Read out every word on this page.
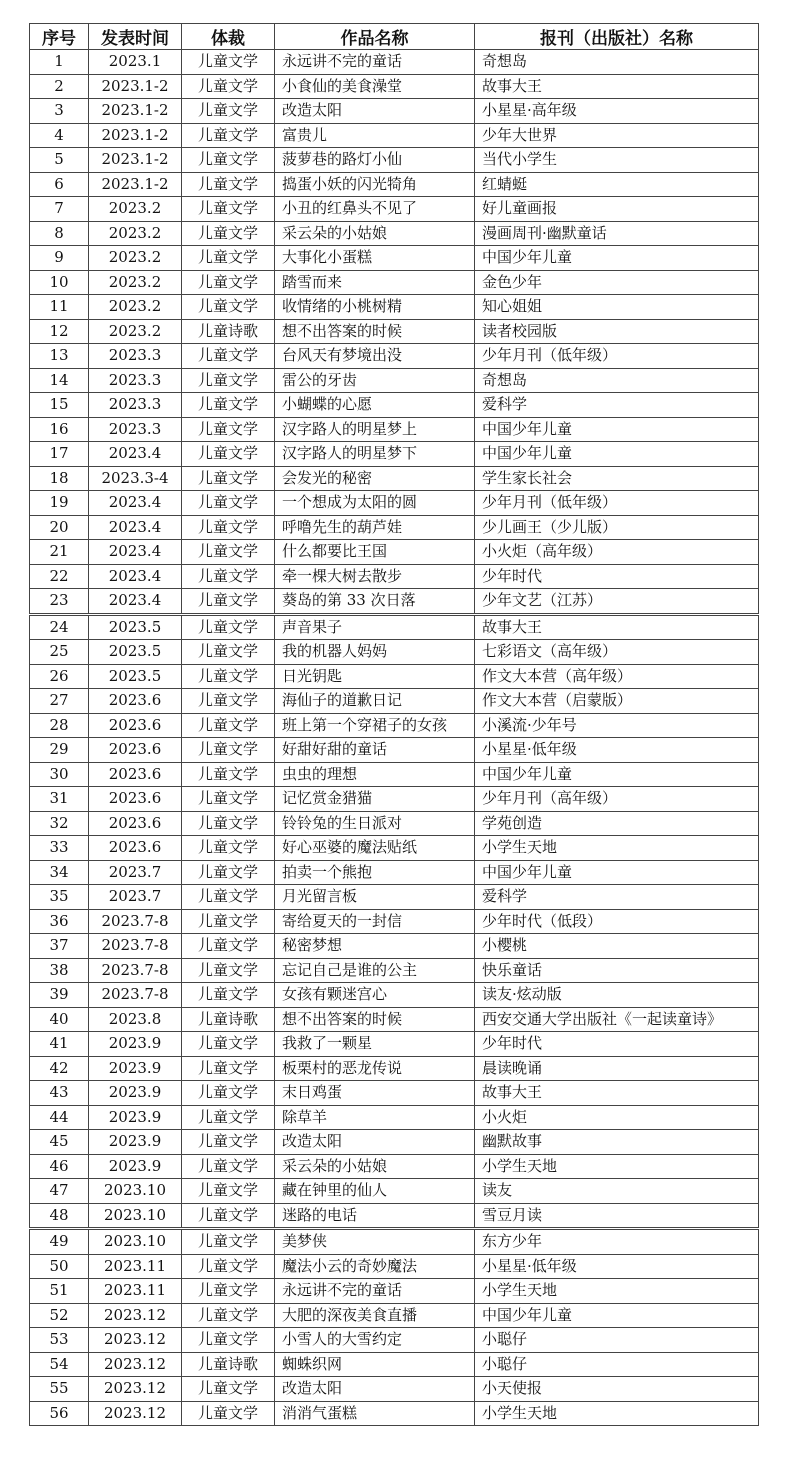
序号	发表时间	体裁	作品名称	报刊（出版社）名称
1	2023.1	儿童文学	永远讲不完的童话	奇想岛
2	2023.1-2	儿童文学	小食仙的美食澡堂	故事大王
3	2023.1-2	儿童文学	改造太阳	小星星·高年级
4	2023.1-2	儿童文学	富贵儿	少年大世界
5	2023.1-2	儿童文学	菠萝巷的路灯小仙	当代小学生
6	2023.1-2	儿童文学	捣蛋小妖的闪光犄角	红蜻蜓
7	2023.2	儿童文学	小丑的红鼻头不见了	好儿童画报
8	2023.2	儿童文学	采云朵的小姑娘	漫画周刊·幽默童话
9	2023.2	儿童文学	大事化小蛋糕	中国少年儿童
10	2023.2	儿童文学	踏雪而来	金色少年
11	2023.2	儿童文学	收情绪的小桃树精	知心姐姐
12	2023.2	儿童诗歌	想不出答案的时候	读者校园版
13	2023.3	儿童文学	台风天有梦境出没	少年月刊（低年级）
14	2023.3	儿童文学	雷公的牙齿	奇想岛
15	2023.3	儿童文学	小蝴蝶的心愿	爱科学
16	2023.3	儿童文学	汉字路人的明星梦上	中国少年儿童
17	2023.4	儿童文学	汉字路人的明星梦下	中国少年儿童
18	2023.3-4	儿童文学	会发光的秘密	学生家长社会
19	2023.4	儿童文学	一个想成为太阳的圆	少年月刊（低年级）
20	2023.4	儿童文学	呼噜先生的葫芦娃	少儿画王（少儿版）
21	2023.4	儿童文学	什么都要比王国	小火炬（高年级）
22	2023.4	儿童文学	牵一棵大树去散步	少年时代
23	2023.4	儿童文学	葵岛的第 33 次日落	少年文艺（江苏）
24	2023.5	儿童文学	声音果子	故事大王
25	2023.5	儿童文学	我的机器人妈妈	七彩语文（高年级）
26	2023.5	儿童文学	日光钥匙	作文大本营（高年级）
27	2023.6	儿童文学	海仙子的道歉日记	作文大本营（启蒙版）
28	2023.6	儿童文学	班上第一个穿裙子的女孩	小溪流·少年号
29	2023.6	儿童文学	好甜好甜的童话	小星星·低年级
30	2023.6	儿童文学	虫虫的理想	中国少年儿童
31	2023.6	儿童文学	记忆赏金猎猫	少年月刊（高年级）
32	2023.6	儿童文学	铃铃兔的生日派对	学苑创造
33	2023.6	儿童文学	好心巫婆的魔法贴纸	小学生天地
34	2023.7	儿童文学	拍卖一个熊抱	中国少年儿童
35	2023.7	儿童文学	月光留言板	爱科学
36	2023.7-8	儿童文学	寄给夏天的一封信	少年时代（低段）
37	2023.7-8	儿童文学	秘密梦想	小樱桃
38	2023.7-8	儿童文学	忘记自己是谁的公主	快乐童话
39	2023.7-8	儿童文学	女孩有颗迷宫心	读友·炫动版
40	2023.8	儿童诗歌	想不出答案的时候	西安交通大学出版社《一起读童诗》
41	2023.9	儿童文学	我救了一颗星	少年时代
42	2023.9	儿童文学	板栗村的恶龙传说	晨读晚诵
43	2023.9	儿童文学	末日鸡蛋	故事大王
44	2023.9	儿童文学	除草羊	小火炬
45	2023.9	儿童文学	改造太阳	幽默故事
46	2023.9	儿童文学	采云朵的小姑娘	小学生天地
47	2023.10	儿童文学	藏在钟里的仙人	读友
48	2023.10	儿童文学	迷路的电话	雪豆月读
49	2023.10	儿童文学	美梦侠	东方少年
50	2023.11	儿童文学	魔法小云的奇妙魔法	小星星·低年级
51	2023.11	儿童文学	永远讲不完的童话	小学生天地
52	2023.12	儿童文学	大肥的深夜美食直播	中国少年儿童
53	2023.12	儿童文学	小雪人的大雪约定	小聪仔
54	2023.12	儿童诗歌	蜘蛛织网	小聪仔
55	2023.12	儿童文学	改造太阳	小天使报
56	2023.12	儿童文学	消消气蛋糕	小学生天地
